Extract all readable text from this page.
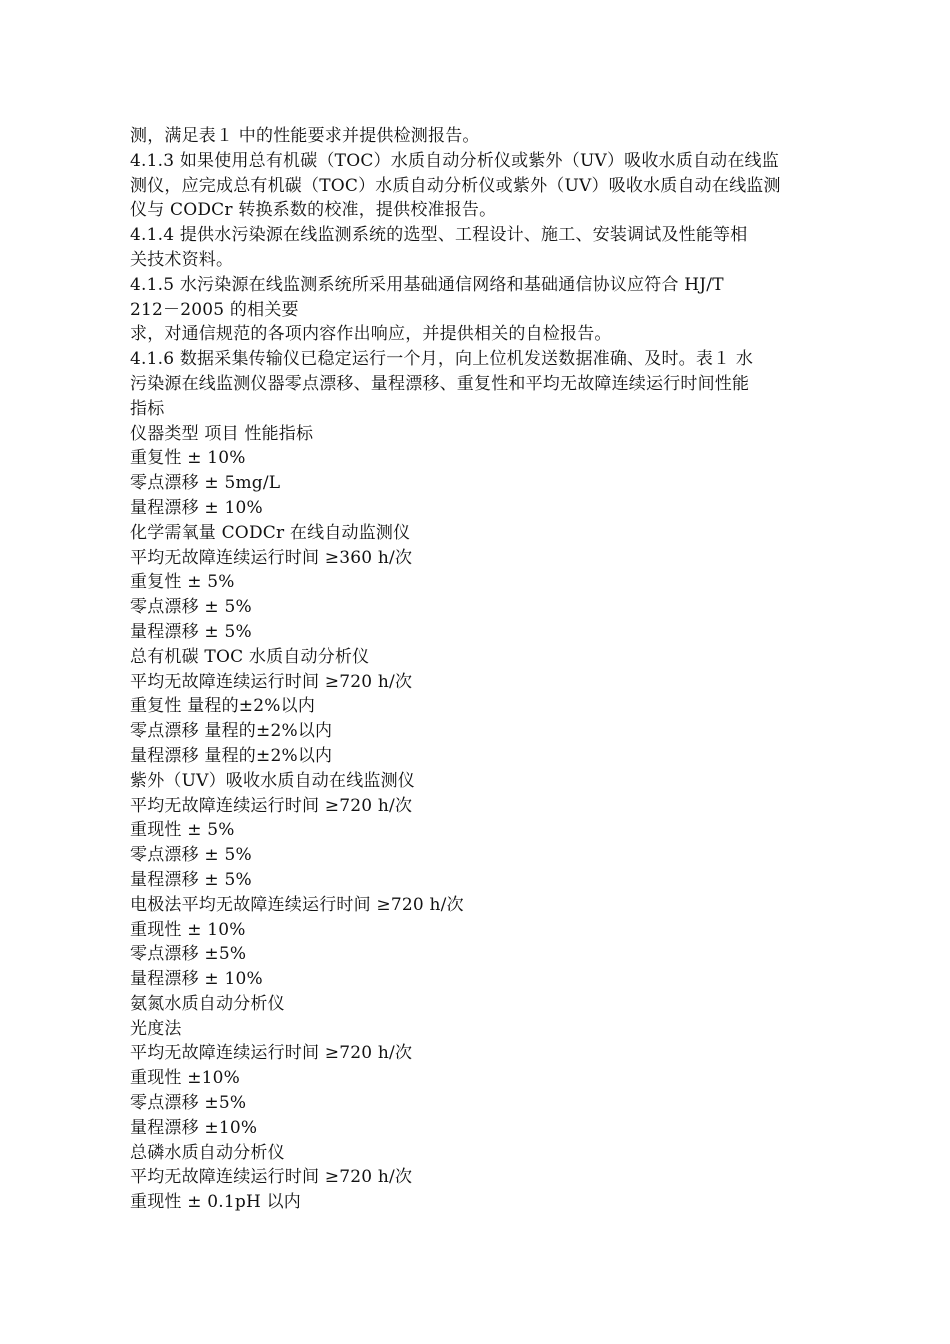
测，满足表１ 中的性能要求并提供检测报告。
4.1.3 如果使用总有机碳（TOC）水质自动分析仪或紫外（UV）吸收水质自动在线监
测仪，应完成总有机碳（TOC）水质自动分析仪或紫外（UV）吸收水质自动在线监测
仪与 CODCr 转换系数的校准，提供校准报告。
4.1.4 提供水污染源在线监测系统的选型、工程设计、施工、安装调试及性能等相
关技术资料。
4.1.5 水污染源在线监测系统所采用基础通信网络和基础通信协议应符合 HJ/T
212－2005 的相关要
求，对通信规范的各项内容作出响应，并提供相关的自检报告。
4.1.6 数据采集传输仪已稳定运行一个月，向上位机发送数据准确、及时。表１ 水
污染源在线监测仪器零点漂移、量程漂移、重复性和平均无故障连续运行时间性能
指标
仪器类型 项目 性能指标
重复性 ± 10%
零点漂移 ± 5mg/L
量程漂移 ± 10%
化学需氧量 CODCr 在线自动监测仪
平均无故障连续运行时间 ≥360 h/次
重复性 ± 5%
零点漂移 ± 5%
量程漂移 ± 5%
总有机碳 TOC 水质自动分析仪
平均无故障连续运行时间 ≥720 h/次
重复性 量程的±2%以内
零点漂移 量程的±2%以内
量程漂移 量程的±2%以内
紫外（UV）吸收水质自动在线监测仪
平均无故障连续运行时间 ≥720 h/次
重现性 ± 5%
零点漂移 ± 5%
量程漂移 ± 5%
电极法平均无故障连续运行时间 ≥720 h/次
重现性 ± 10%
零点漂移 ±5%
量程漂移 ± 10%
氨氮水质自动分析仪
光度法
平均无故障连续运行时间 ≥720 h/次
重现性 ±10%
零点漂移 ±5%
量程漂移 ±10%
总磷水质自动分析仪
平均无故障连续运行时间 ≥720 h/次
重现性 ± 0.1pH 以内
